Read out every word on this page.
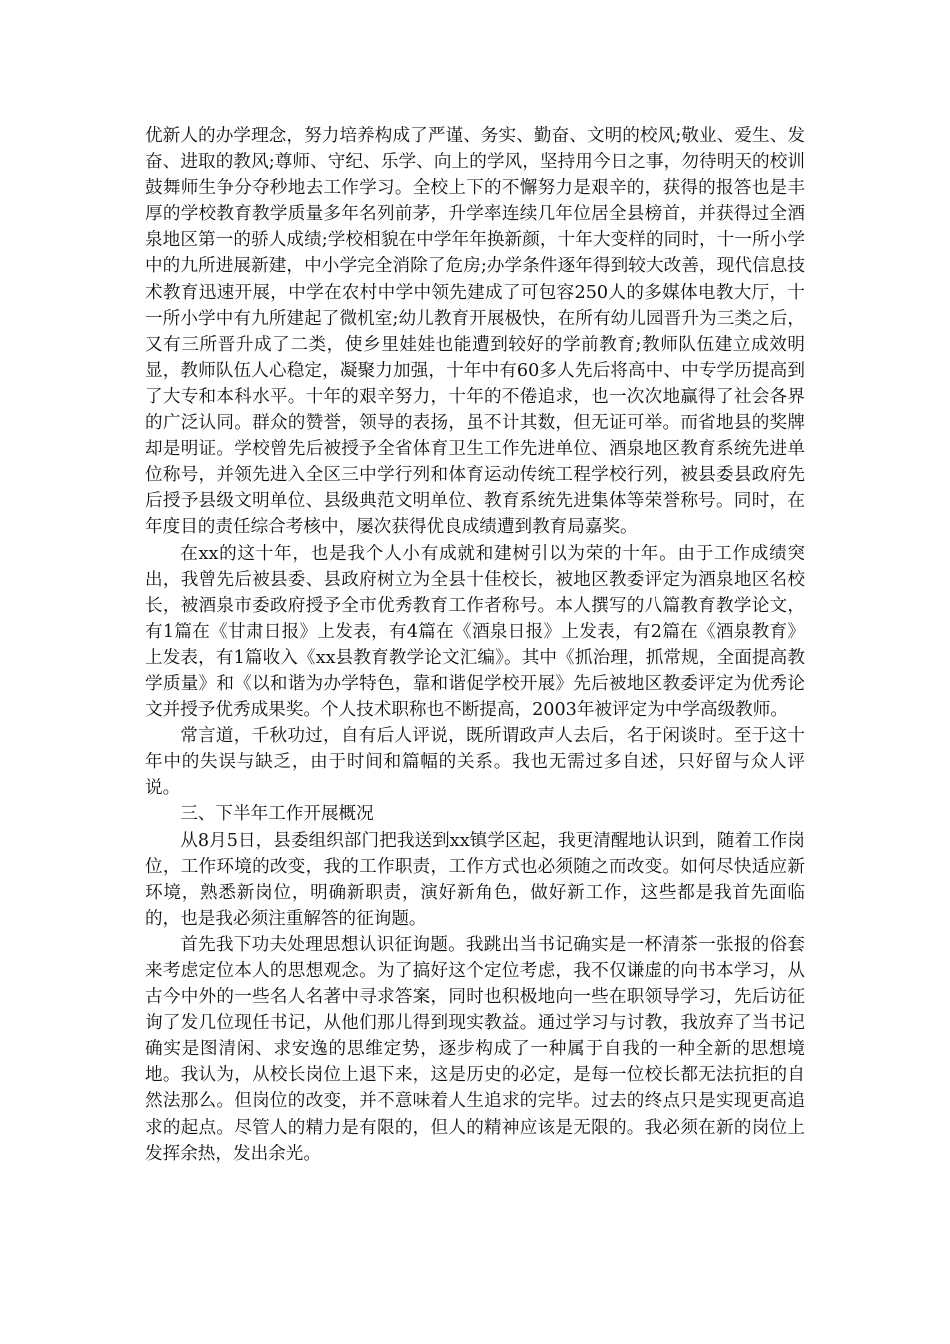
优新人的办学理念，努力培养构成了严谨、务实、勤奋、文明的校风;敬业、爱生、发奋、进取的教风;尊师、守纪、乐学、向上的学风，坚持用今日之事，勿待明天的校训鼓舞师生争分夺秒地去工作学习。全校上下的不懈努力是艰辛的，获得的报答也是丰厚的学校教育教学质量多年名列前茅，升学率连续几年位居全县榜首，并获得过全酒泉地区第一的骄人成绩;学校相貌在中学年年换新颜，十年大变样的同时，十一所小学中的九所进展新建，中小学完全消除了危房;办学条件逐年得到较大改善，现代信息技术教育迅速开展，中学在农村中学中领先建成了可包容250人的多媒体电教大厅，十一所小学中有九所建起了微机室;幼儿教育开展极快，在所有幼儿园晋升为三类之后，又有三所晋升成了二类，使乡里娃娃也能遭到较好的学前教育;教师队伍建立成效明显，教师队伍人心稳定，凝聚力加强，十年中有60多人先后将高中、中专学历提高到了大专和本科水平。十年的艰辛努力，十年的不倦追求，也一次次地赢得了社会各界的广泛认同。群众的赞誉，领导的表扬，虽不计其数，但无证可举。而省地县的奖牌却是明证。学校曾先后被授予全省体育卫生工作先进单位、酒泉地区教育系统先进单位称号，并领先进入全区三中学行列和体育运动传统工程学校行列，被县委县政府先后授予县级文明单位、县级典范文明单位、教育系统先进集体等荣誉称号。同时，在年度目的责任综合考核中，屡次获得优良成绩遭到教育局嘉奖。

在xx的这十年，也是我个人小有成就和建树引以为荣的十年。由于工作成绩突出，我曾先后被县委、县政府树立为全县十佳校长，被地区教委评定为酒泉地区名校长，被酒泉市委政府授予全市优秀教育工作者称号。本人撰写的八篇教育教学论文，有1篇在《甘肃日报》上发表，有4篇在《酒泉日报》上发表，有2篇在《酒泉教育》上发表，有1篇收入《xx县教育教学论文汇编》。其中《抓治理，抓常规，全面提高教学质量》和《以和谐为办学特色，靠和谐促学校开展》先后被地区教委评定为优秀论文并授予优秀成果奖。个人技术职称也不断提高，2003年被评定为中学高级教师。

常言道，千秋功过，自有后人评说，既所谓政声人去后，名于闲谈时。至于这十年中的失误与缺乏，由于时间和篇幅的关系。我也无需过多自述，只好留与众人评说。

三、下半年工作开展概况

从8月5日，县委组织部门把我送到xx镇学区起，我更清醒地认识到，随着工作岗位，工作环境的改变，我的工作职责，工作方式也必须随之而改变。如何尽快适应新环境，熟悉新岗位，明确新职责，演好新角色，做好新工作，这些都是我首先面临的，也是我必须注重解答的征询题。

首先我下功夫处理思想认识征询题。我跳出当书记确实是一杯清茶一张报的俗套来考虑定位本人的思想观念。为了搞好这个定位考虑，我不仅谦虚的向书本学习，从古今中外的一些名人名著中寻求答案，同时也积极地向一些在职领导学习，先后访征询了发几位现任书记，从他们那儿得到现实教益。通过学习与讨教，我放弃了当书记确实是图清闲、求安逸的思维定势，逐步构成了一种属于自我的一种全新的思想境地。我认为，从校长岗位上退下来，这是历史的必定，是每一位校长都无法抗拒的自然法那么。但岗位的改变，并不意味着人生追求的完毕。过去的终点只是实现更高追求的起点。尽管人的精力是有限的，但人的精神应该是无限的。我必须在新的岗位上发挥余热，发出余光。
